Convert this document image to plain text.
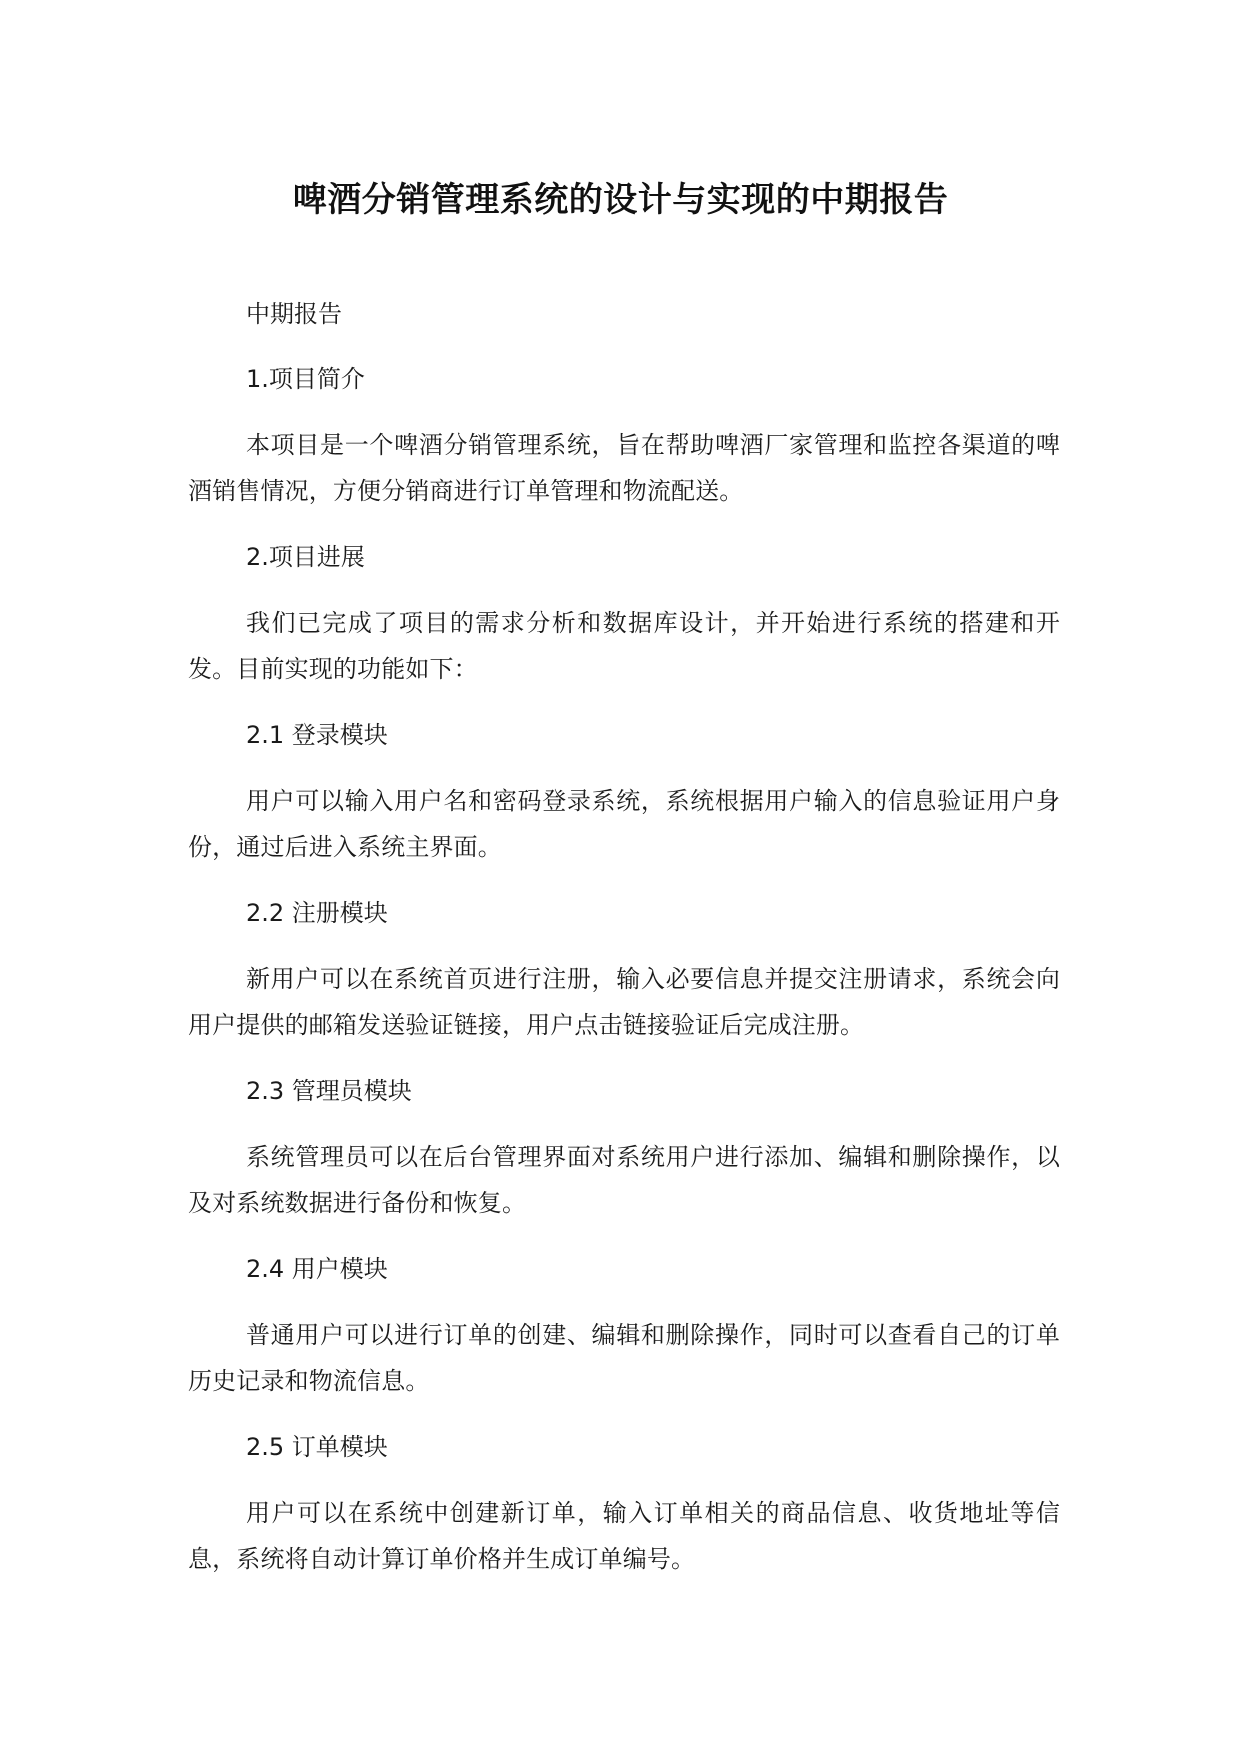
啤酒分销管理系统的设计与实现的中期报告
中期报告
1.项目简介

本项目是一个啤酒分销管理系统，旨在帮助啤酒厂家管理和监控各渠道的啤酒销售情况，方便分销商进行订单管理和物流配送。

2.项目进展

我们已完成了项目的需求分析和数据库设计，并开始进行系统的搭建和开发。目前实现的功能如下：

2.1 登录模块

用户可以输入用户名和密码登录系统，系统根据用户输入的信息验证用户身份，通过后进入系统主界面。

2.2 注册模块

新用户可以在系统首页进行注册，输入必要信息并提交注册请求，系统会向用户提供的邮箱发送验证链接，用户点击链接验证后完成注册。

2.3 管理员模块

系统管理员可以在后台管理界面对系统用户进行添加、编辑和删除操作，以及对系统数据进行备份和恢复。

2.4 用户模块

普通用户可以进行订单的创建、编辑和删除操作，同时可以查看自己的订单历史记录和物流信息。

2.5 订单模块

用户可以在系统中创建新订单，输入订单相关的商品信息、收货地址等信息，系统将自动计算订单价格并生成订单编号。
